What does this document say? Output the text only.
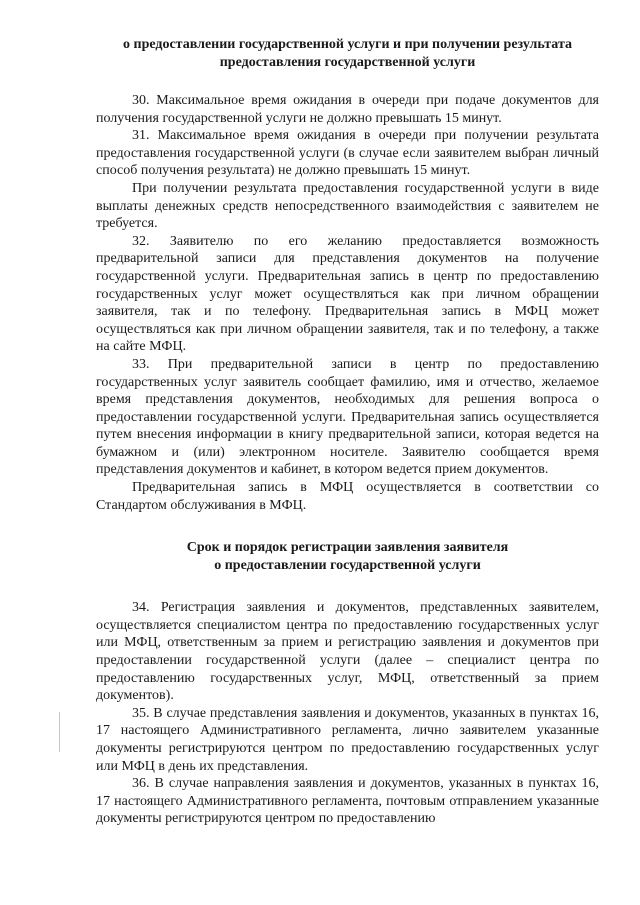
о предоставлении государственной услуги и при получении результата
предоставления государственной услуги

30. Максимальное время ожидания в очереди при подаче документов для получения государственной услуги не должно превышать 15 минут.

31. Максимальное время ожидания в очереди при получении результата предоставления государственной услуги (в случае если заявителем выбран личный способ получения результата) не должно превышать 15 минут.

При получении результата предоставления государственной услуги в виде выплаты денежных средств непосредственного взаимодействия с заявителем не требуется.

32. Заявителю по его желанию предоставляется возможность предварительной записи для представления документов на получение государственной услуги. Предварительная запись в центр по предоставлению государственных услуг может осуществляться как при личном обращении заявителя, так и по телефону. Предварительная запись в МФЦ может осуществляться как при личном обращении заявителя, так и по телефону, а также на сайте МФЦ.

33. При предварительной записи в центр по предоставлению государственных услуг заявитель сообщает фамилию, имя и отчество, желаемое время представления документов, необходимых для решения вопроса о предоставлении государственной услуги. Предварительная запись осуществляется путем внесения информации в книгу предварительной записи, которая ведется на бумажном и (или) электронном носителе. Заявителю сообщается время представления документов и кабинет, в котором ведется прием документов.

Предварительная запись в МФЦ осуществляется в соответствии со Стандартом обслуживания в МФЦ.

Срок и порядок регистрации заявления заявителя
о предоставлении государственной услуги

34. Регистрация заявления и документов, представленных заявителем, осуществляется специалистом центра по предоставлению государственных услуг или МФЦ, ответственным за прием и регистрацию заявления и документов при предоставлении государственной услуги (далее – специалист центра по предоставлению государственных услуг, МФЦ, ответственный за прием документов).

35. В случае представления заявления и документов, указанных в пунктах 16, 17 настоящего Административного регламента, лично заявителем указанные документы регистрируются центром по предоставлению государственных услуг или МФЦ в день их представления.

36. В случае направления заявления и документов, указанных в пунктах 16, 17 настоящего Административного регламента, почтовым отправлением указанные документы регистрируются центром по предоставлению
